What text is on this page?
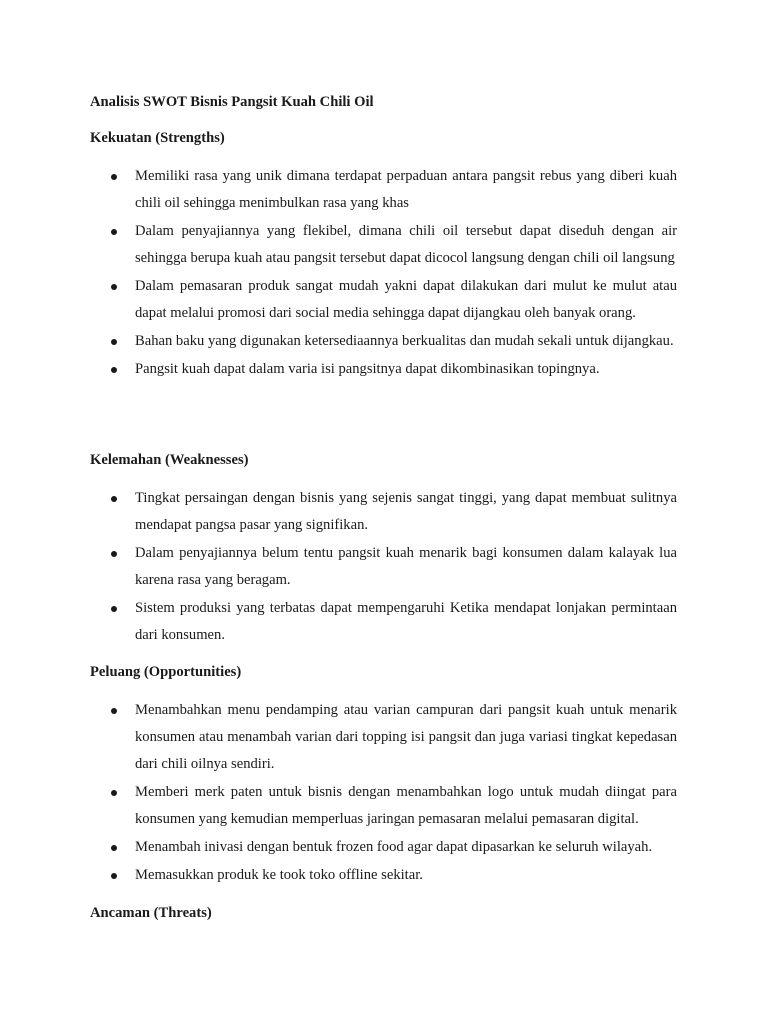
Analisis SWOT Bisnis Pangsit Kuah Chili Oil
Kekuatan (Strengths)
Memiliki rasa yang unik dimana terdapat perpaduan antara pangsit rebus yang diberi kuah chili oil sehingga menimbulkan rasa yang khas
Dalam penyajiannya yang flekibel, dimana chili oil tersebut dapat diseduh dengan air sehingga berupa kuah atau pangsit tersebut dapat dicocol langsung dengan chili oil langsung
Dalam pemasaran produk sangat mudah yakni dapat dilakukan dari mulut ke mulut atau dapat melalui promosi dari social media sehingga dapat dijangkau oleh banyak orang.
Bahan baku yang digunakan ketersediaannya berkualitas dan mudah sekali untuk dijangkau.
Pangsit kuah dapat dalam varia isi pangsitnya dapat dikombinasikan topingnya.
Kelemahan (Weaknesses)
Tingkat persaingan dengan bisnis yang sejenis sangat tinggi, yang dapat membuat sulitnya mendapat pangsa pasar yang signifikan.
Dalam penyajiannya belum tentu pangsit kuah menarik bagi konsumen dalam kalayak lua karena rasa yang beragam.
Sistem produksi yang terbatas dapat mempengaruhi Ketika mendapat lonjakan permintaan dari konsumen.
Peluang (Opportunities)
Menambahkan menu pendamping atau varian campuran dari pangsit kuah untuk menarik konsumen atau menambah varian dari topping isi pangsit dan juga variasi tingkat kepedasan dari chili oilnya sendiri.
Memberi merk paten untuk bisnis dengan menambahkan logo untuk mudah diingat para konsumen yang kemudian memperluas jaringan pemasaran melalui pemasaran digital.
Menambah inivasi dengan bentuk frozen food agar dapat dipasarkan ke seluruh wilayah.
Memasukkan produk ke took toko offline sekitar.
Ancaman (Threats)
